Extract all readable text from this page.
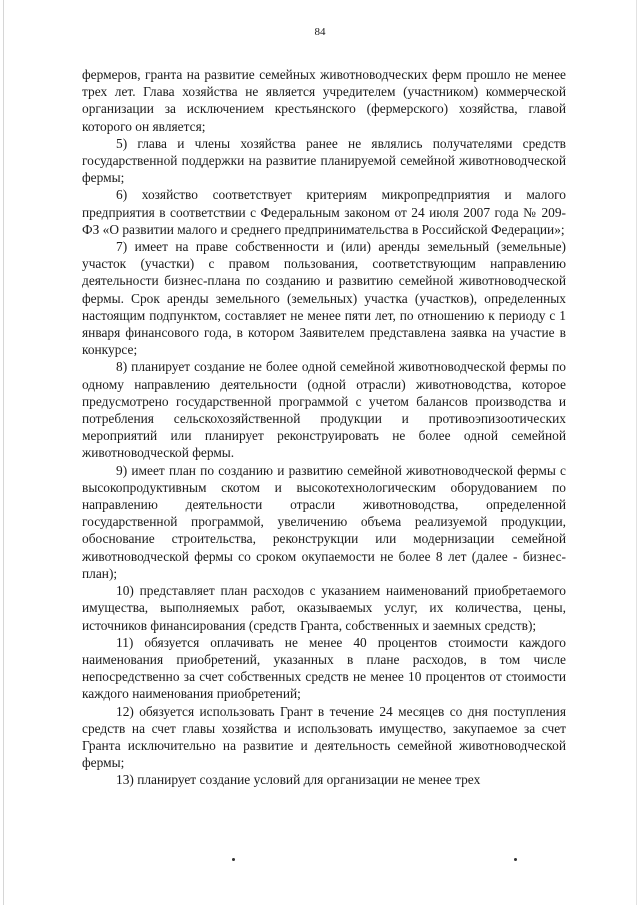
84

фермеров, гранта на развитие семейных животноводческих ферм прошло не менее трех лет. Глава хозяйства не является учредителем (участником) коммерческой организации за исключением крестьянского (фермерского) хозяйства, главой которого он является;

5) глава и члены хозяйства ранее не являлись получателями средств государственной поддержки на развитие планируемой семейной животноводческой фермы;

6) хозяйство соответствует критериям микропредприятия и малого предприятия в соответствии с Федеральным законом от 24 июля 2007 года № 209-ФЗ «О развитии малого и среднего предпринимательства в Российской Федерации»;

7) имеет на праве собственности и (или) аренды земельный (земельные) участок (участки) с правом пользования, соответствующим направлению деятельности бизнес-плана по созданию и развитию семейной животноводческой фермы. Срок аренды земельного (земельных) участка (участков), определенных настоящим подпунктом, составляет не менее пяти лет, по отношению к периоду с 1 января финансового года, в котором Заявителем представлена заявка на участие в конкурсе;

8) планирует создание не более одной семейной животноводческой фермы по одному направлению деятельности (одной отрасли) животноводства, которое предусмотрено государственной программой с учетом балансов производства и потребления сельскохозяйственной продукции и противоэпизоотических мероприятий или планирует реконструировать не более одной семейной животноводческой фермы.

9) имеет план по созданию и развитию семейной животноводческой фермы с высокопродуктивным скотом и высокотехнологическим оборудованием по направлению деятельности отрасли животноводства, определенной государственной программой, увеличению объема реализуемой продукции, обоснование строительства, реконструкции или модернизации семейной животноводческой фермы со сроком окупаемости не более 8 лет (далее - бизнес-план);

10) представляет план расходов с указанием наименований приобретаемого имущества, выполняемых работ, оказываемых услуг, их количества, цены, источников финансирования (средств Гранта, собственных и заемных средств);

11) обязуется оплачивать не менее 40 процентов стоимости каждого наименования приобретений, указанных в плане расходов, в том числе непосредственно за счет собственных средств не менее 10 процентов от стоимости каждого наименования приобретений;

12) обязуется использовать Грант в течение 24 месяцев со дня поступления средств на счет главы хозяйства и использовать имущество, закупаемое за счет Гранта исключительно на развитие и деятельность семейной животноводческой фермы;

13) планирует создание условий для организации не менее трех
